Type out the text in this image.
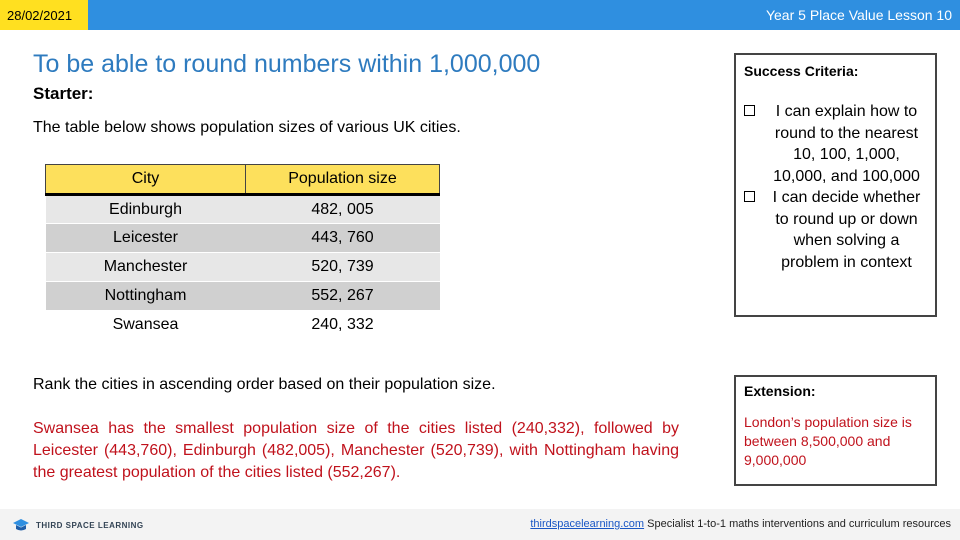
28/02/2021	Year 5 Place Value Lesson 10
To be able to round numbers within 1,000,000
Starter:
The table below shows population sizes of various UK cities.
City	Population size
Edinburgh	482, 005
Leicester	443, 760
Manchester	520, 739
Nottingham	552, 267
Swansea	240, 332
Rank the cities in ascending order based on their population size.
Swansea has the smallest population size of the cities listed (240,332), followed by Leicester (443,760), Edinburgh (482,005), Manchester (520,739), with Nottingham having the greatest population of the cities listed (552,267).
Success Criteria:
I can explain how to round to the nearest 10, 100, 1,000, 10,000, and 100,000
I can decide whether to round up or down when solving a problem in context
Extension:
London’s population size is between 8,500,000 and 9,000,000
THIRD SPACE LEARNING	thirdspacelearning.com Specialist 1-to-1 maths interventions and curriculum resources
